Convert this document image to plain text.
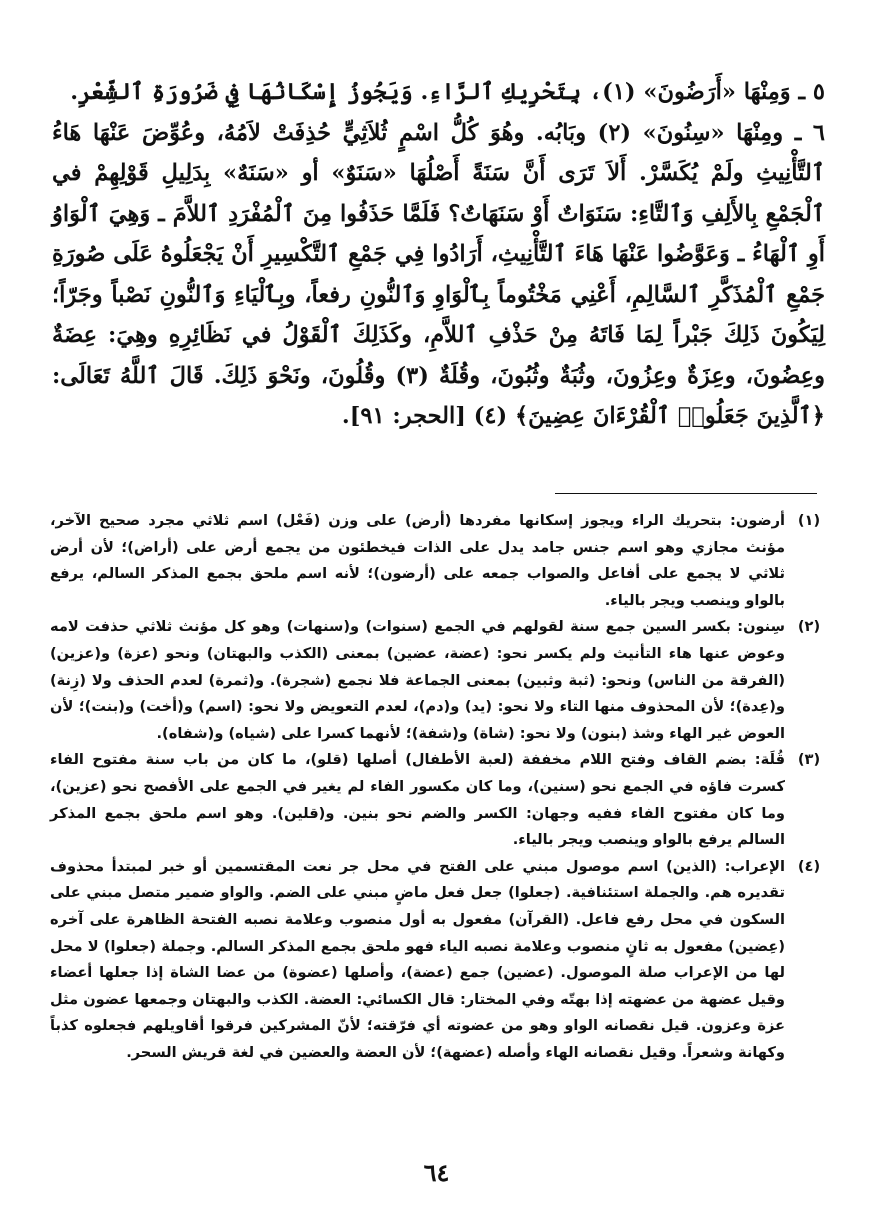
٥ ـ وَمِنْهَا «أَرَضُونَ» (١)، بِتَحْرِيكِ ٱلرَّاءِ. وَيَجُوزُ إِسْكَانُهَا فِي ضَرُورَةِ ٱلشِّعْرِ.

٦ ـ ومِنْهَا «سِنُونَ» (٢) وبَابُه. وهُوَ كُلُّ اسْمٍ ثُلاَثِيٍّ حُذِفَتْ لاَمُهُ، وعُوِّضَ عَنْهَا هَاءُ ٱلتَّأْنِيثِ ولَمْ يُكَسَّرْ. أَلاَ تَرَى أَنَّ سَنَةً أَصْلُهَا «سَنَوٌ» أو «سَنَهٌ» بِدَلِيلِ قَوْلِهِمْ في ٱلْجَمْعِ بِالأَلِفِ وَٱلتَّاءِ: سَنَوَاتٌ أَوْ سَنَهَاتٌ؟ فَلَمَّا حَذَفُوا مِنَ ٱلْمُفْرَدِ ٱللاَّمَ ـ وَهِيَ ٱلْوَاوُ أَوِ ٱلْهَاءُ ـ وَعَوَّضُوا عَنْهَا هَاءَ ٱلتَّأْنِيثِ، أَرَادُوا فِي جَمْعِ ٱلتَّكْسِيرِ أَنْ يَجْعَلُوهُ عَلَى صُورَةِ جَمْعِ ٱلْمُذَكَّرِ ٱلسَّالِمِ، أَعْنِي مَخْتُوماً بِٱلْوَاوِ وَٱلنُّونِ رفعاً، وبِٱلْيَاءِ وَٱلنُّونِ نَصْباً وجَرّاً؛ لِيَكُونَ ذَلِكَ جَبْراً لِمَا فَاتَهُ مِنْ حَذْفِ ٱللاَّمِ، وكَذَلِكَ ٱلْقَوْلُ في نَظَائِرِهِ وهِيَ: عِضَةٌ وعِضُونَ، وعِزَةٌ وعِزُونَ، وثُبَةٌ وثُبُونَ، وقُلَةٌ (٣) وقُلُونَ، ونَحْوَ ذَلِكَ. قَالَ ٱللَّهُ تَعَالَى: ﴿ٱلَّذِينَ جَعَلُوا۟ ٱلْقُرْءَانَ عِضِينَ﴾ (٤) [الحجر: ٩١].

(١)
أرضون: بتحريك الراء ويجوز إسكانها مفردها (أرض) على وزن (فَعْل) اسم ثلاثي مجرد صحيح الآخر، مؤنث مجازي وهو اسم جنس جامد يدل على الذات فيخطئون من يجمع أرض على (أراض)؛ لأن أرض ثلاثي لا يجمع على أفاعل والصواب جمعه على (أرضون)؛ لأنه اسم ملحق بجمع المذكر السالم، يرفع بالواو وينصب ويجر بالياء.
(٢)
سِنون: بكسر السين جمع سنة لقولهم في الجمع (سنوات) و(سنهات) وهو كل مؤنث ثلاثي حذفت لامه وعوض عنها هاء التأنيث ولم يكسر نحو: (عضة، عضين) بمعنى (الكذب والبهتان) ونحو (عزة) و(عزين) (الفرقة من الناس) ونحو: (ثبة وثبين) بمعنى الجماعة فلا نجمع (شجرة). و(ثمرة) لعدم الحذف ولا (زِنة) و(عِدة)؛ لأن المحذوف منها التاء ولا نحو: (يد) و(دم)، لعدم التعويض ولا نحو: (اسم) و(أخت) و(بنت)؛ لأن العوض غير الهاء وشذ (بنون) ولا نحو: (شاة) و(شفة)؛ لأنهما كسرا على (شياه) و(شفاه).
(٣)
قُلَة: بضم القاف وفتح اللام مخففة (لعبة الأطفال) أصلها (قلو)، ما كان من باب سنة مفتوح الفاء كسرت فاؤه في الجمع نحو (سنين)، وما كان مكسور الفاء لم يغير في الجمع على الأفصح نحو (عزين)، وما كان مفتوح الفاء ففيه وجهان: الكسر والضم نحو بنين. و(قلين). وهو اسم ملحق بجمع المذكر السالم يرفع بالواو وينصب ويجر بالياء.
(٤)
الإعراب: (الذين) اسم موصول مبني على الفتح في محل جر نعت المقتسمين أو خبر لمبتدأ محذوف تقديره هم. والجملة استئنافية. (جعلوا) جعل فعل ماضٍ مبني على الضم. والواو ضمير متصل مبني على السكون في محل رفع فاعل. (القرآن) مفعول به أول منصوب وعلامة نصبه الفتحة الظاهرة على آخره (عِضين) مفعول به ثانٍ منصوب وعلامة نصبه الياء فهو ملحق بجمع المذكر السالم. وجملة (جعلوا) لا محل لها من الإعراب صلة الموصول. (عضين) جمع (عضة)، وأصلها (عضوة) من عضا الشاة إذا جعلها أعضاء وقيل عضهة من عضهته إذا بهتّه وفي المختار: قال الكسائي: العضة. الكذب والبهتان وجمعها عضون مثل عزة وعزون. قيل نقصانه الواو وهو من عضوته أي فرّقته؛ لأنّ المشركين فرقوا أقاويلهم فجعلوه كذباً وكهانة وشعراً. وقيل نقصانه الهاء وأصله (عضهة)؛ لأن العضة والعضين في لغة قريش السحر.
٦٤
